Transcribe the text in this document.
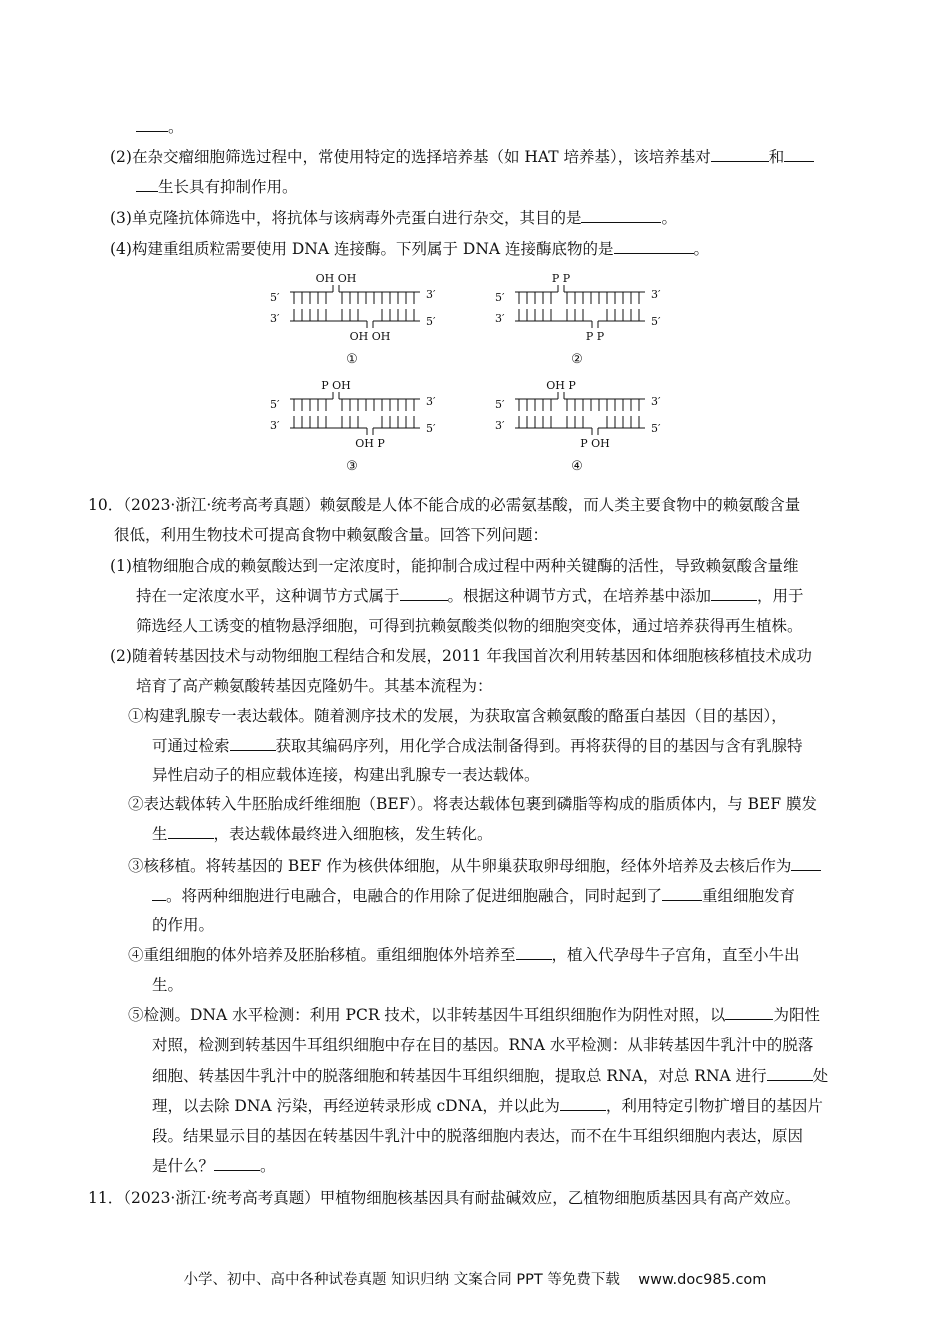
。
(2)在杂交瘤细胞筛选过程中，常使用特定的选择培养基（如 HAT 培养基），该培养基对	和
生长具有抑制作用。
(3)单克隆抗体筛选中，将抗体与该病毒外壳蛋白进行杂交，其目的是	。
(4)构建重组质粒需要使用 DNA 连接酶。下列属于 DNA 连接酶底物的是	。
5′	3′
3′	5′
OH OH
OH OH
①
5′	3′
3′	5′
P P
P P
②
5′	3′
3′	5′
P OH
OH P
③
5′	3′
3′	5′
OH P
P OH
④
10．（2023·浙江·统考高考真题）赖氨酸是人体不能合成的必需氨基酸，而人类主要食物中的赖氨酸含量
很低，利用生物技术可提高食物中赖氨酸含量。回答下列问题：
(1)植物细胞合成的赖氨酸达到一定浓度时，能抑制合成过程中两种关键酶的活性，导致赖氨酸含量维
持在一定浓度水平，这种调节方式属于	。根据这种调节方式，在培养基中添加	，用于
筛选经人工诱变的植物悬浮细胞，可得到抗赖氨酸类似物的细胞突变体，通过培养获得再生植株。
(2)随着转基因技术与动物细胞工程结合和发展，2011 年我国首次利用转基因和体细胞核移植技术成功
培育了高产赖氨酸转基因克隆奶牛。其基本流程为：
①构建乳腺专一表达载体。随着测序技术的发展，为获取富含赖氨酸的酪蛋白基因（目的基因），
可通过检索	获取其编码序列，用化学合成法制备得到。再将获得的目的基因与含有乳腺特
异性启动子的相应载体连接，构建出乳腺专一表达载体。
②表达载体转入牛胚胎成纤维细胞（BEF）。将表达载体包裹到磷脂等构成的脂质体内，与 BEF 膜发
生	，表达载体最终进入细胞核，发生转化。
③核移植。将转基因的 BEF 作为核供体细胞，从牛卵巢获取卵母细胞，经体外培养及去核后作为
。将两种细胞进行电融合，电融合的作用除了促进细胞融合，同时起到了	重组细胞发育
的作用。
④重组细胞的体外培养及胚胎移植。重组细胞体外培养至 ，植入代孕母牛子宫角，直至小牛出
生。
⑤检测。DNA 水平检测：利用 PCR 技术，以非转基因牛耳组织细胞作为阴性对照，以	为阳性
对照，检测到转基因牛耳组织细胞中存在目的基因。RNA 水平检测：从非转基因牛乳汁中的脱落
细胞、转基因牛乳汁中的脱落细胞和转基因牛耳组织细胞，提取总 RNA，对总 RNA 进行	处
理，以去除 DNA 污染，再经逆转录形成 cDNA，并以此为	，利用特定引物扩增目的基因片
段。结果显示目的基因在转基因牛乳汁中的脱落细胞内表达，而不在牛耳组织细胞内表达，原因
是什么？	。
11．（2023·浙江·统考高考真题）甲植物细胞核基因具有耐盐碱效应，乙植物细胞质基因具有高产效应。
小学、初中、高中各种试卷真题 知识归纳 文案合同 PPT 等免费下载 www.doc985.com
